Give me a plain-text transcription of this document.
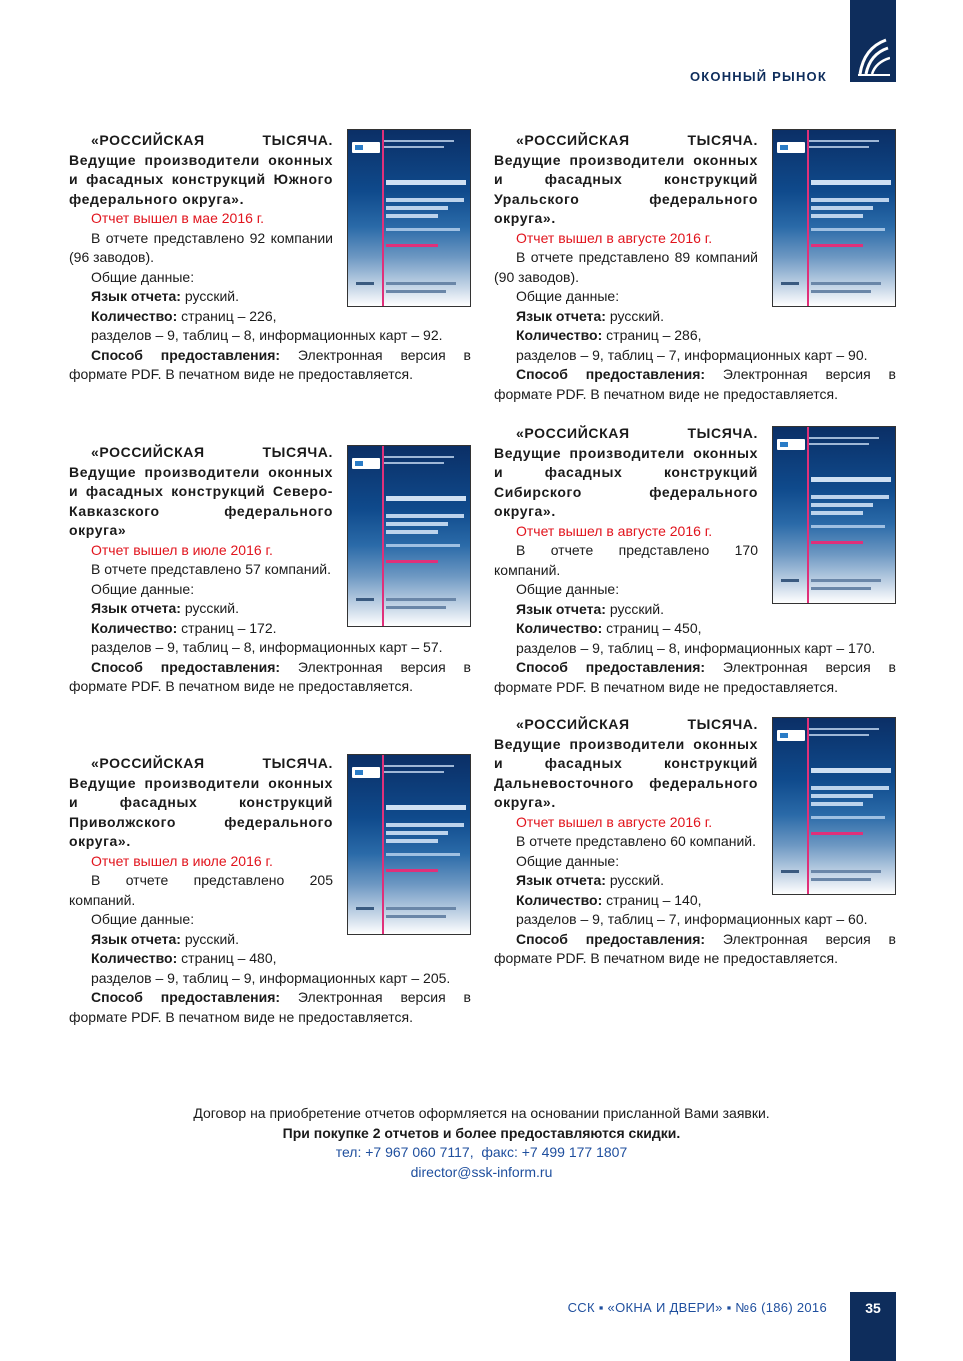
ОКОННЫЙ РЫНОК

«РОССИЙСКАЯ ТЫСЯЧА. Ведущие производители оконных и фасадных конструкций Южного федерального округа».

Отчет вышел в мае 2016 г.

В отчете представлено 92 компании (96 заводов).

Общие данные:

Язык отчета: русский.

Количество: страниц – 226,

разделов – 9, таблиц – 8, информационных карт – 92.

Способ предоставления: Электронная версия в формате PDF. В печатном виде не предоставляется.

«РОССИЙСКАЯ ТЫСЯЧА. Ведущие производители оконных и фасадных конструкций Уральского федерального округа».

Отчет вышел в августе 2016 г.

В отчете представлено 89 компаний (90 заводов).

Общие данные:

Язык отчета: русский.

Количество: страниц – 286,

разделов – 9, таблиц – 7, информационных карт – 90.

Способ предоставления: Электронная версия в формате PDF. В печатном виде не предоставляется.

«РОССИЙСКАЯ ТЫСЯЧА. Ведущие производители оконных и фасадных конструкций Северо-Кавказского федерального округа»

Отчет вышел в июле 2016 г.

В отчете представлено 57 компаний.

Общие данные:

Язык отчета: русский.

Количество: страниц – 172.

разделов – 9, таблиц – 8, информационных карт – 57.

Способ предоставления: Электронная версия в формате PDF. В печатном виде не предоставляется.

«РОССИЙСКАЯ ТЫСЯЧА. Ведущие производители оконных и фасадных конструкций Сибирского федерального округа».

Отчет вышел в августе 2016 г.

В отчете представлено 170 компаний.

Общие данные:

Язык отчета: русский.

Количество: страниц – 450,

разделов – 9, таблиц – 8, информационных карт – 170.

Способ предоставления: Электронная версия в формате PDF. В печатном виде не предоставляется.

«РОССИЙСКАЯ ТЫСЯЧА. Ведущие производители оконных и фасадных конструкций Приволжского федерального округа».

Отчет вышел в июле 2016 г.

В отчете представлено 205 компаний.

Общие данные:

Язык отчета: русский.

Количество: страниц – 480,

разделов – 9, таблиц – 9, информационных карт – 205.

Способ предоставления: Электронная версия в формате PDF. В печатном виде не предоставляется.

«РОССИЙСКАЯ ТЫСЯЧА. Ведущие производители оконных и фасадных конструкций Дальневосточного федерального округа».

Отчет вышел в августе 2016 г.

В отчете представлено 60 компаний.

Общие данные:

Язык отчета: русский.

Количество: страниц – 140,

разделов – 9, таблиц – 7, информационных карт – 60.

Способ предоставления: Электронная версия в формате PDF. В печатном виде не предоставляется.

Договор на приобретение отчетов оформляется на основании присланной Вами заявки.
При покупке 2 отчетов и более предоставляются скидки.
тел: +7 967 060 7117,  факс: +7 499 177 1807
director@ssk-inform.ru
ССК ▪ «ОКНА И ДВЕРИ» ▪ №6 (186) 2016	35
